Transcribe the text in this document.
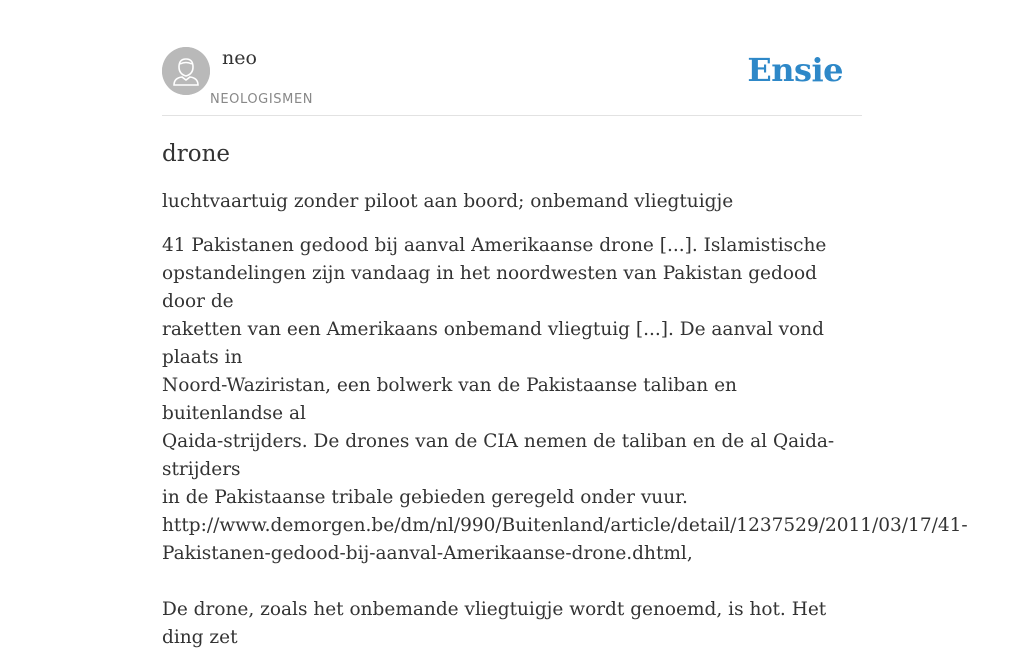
neo
NEOLOGISMEN
Ensie
drone

luchtvaartuig zonder piloot aan boord; onbemand vliegtuigje

41 Pakistanen gedood bij aanval Amerikaanse drone [...]. Islamistische
opstandelingen zijn vandaag in het noordwesten van Pakistan gedood door de
raketten van een Amerikaans onbemand vliegtuig [...]. De aanval vond plaats in
Noord-Waziristan, een bolwerk van de Pakistaanse taliban en buitenlandse al
Qaida-strijders. De drones van de CIA nemen de taliban en de al Qaida-strijders
in de Pakistaanse tribale gebieden geregeld onder vuur.
http://www.demorgen.be/dm/nl/990/Buitenland/article/detail/1237529/2011/03/17/41-
Pakistanen-gedood-bij-aanval-Amerikaanse-drone.dhtml,

De drone, zoals het onbemande vliegtuigje wordt genoemd, is hot. Het ding zet
